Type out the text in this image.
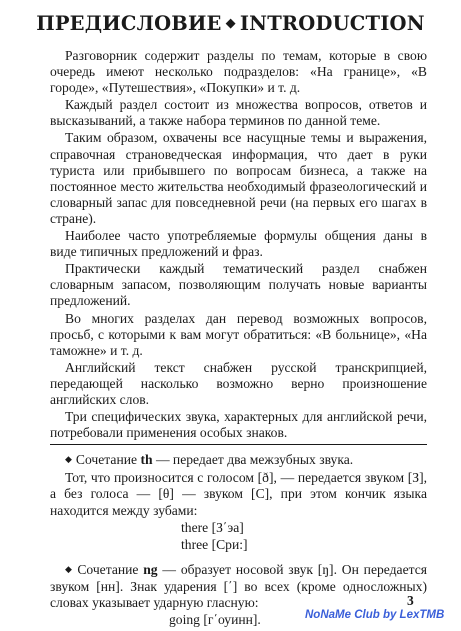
ПРЕДИСЛОВИЕ ◆ INTRODUCTION

Разговорник содержит разделы по темам, которые в свою очередь имеют несколько подразделов: «На границе», «В городе», «Путешествия», «Покупки» и т. д.

Каждый раздел состоит из множества вопросов, ответов и высказываний, а также набора терминов по данной теме.

Таким образом, охвачены все насущные темы и выражения, справочная страноведческая информация, что дает в руки туриста или прибывшего по вопросам бизнеса, а также на постоянное место жительства необходимый фразеологический и словарный запас для повседневной речи (на первых его шагах в стране).

Наиболее часто употребляемые формулы общения даны в виде типичных предложений и фраз.

Практически каждый тематический раздел снабжен словарным запасом, позволяющим получать новые варианты предложений.

Во многих разделах дан перевод возможных вопросов, просьб, с которыми к вам могут обратиться: «В больнице», «На таможне» и т. д.

Английский текст снабжен русской транскрипцией, передающей насколько возможно верно произношение английских слов.

Три специфических звука, характерных для английской речи, потребовали применения особых знаков.

◆ Сочетание th — передает два межзубных звука.

Тот, что произносится с голосом [ð], — передается звуком [З], а без голоса — [θ] — звуком [С], при этом кончик языка находится между зубами:

there [З΄эа]

three [Сри:]

◆ Сочетание ng — образует носовой звук [ŋ]. Он передается звуком [нн]. Знак ударения [΄] во всех (кроме односложных) словах указывает ударную гласную:

going [г΄оуинн].

3
NoNaMe Club by LexTMB
